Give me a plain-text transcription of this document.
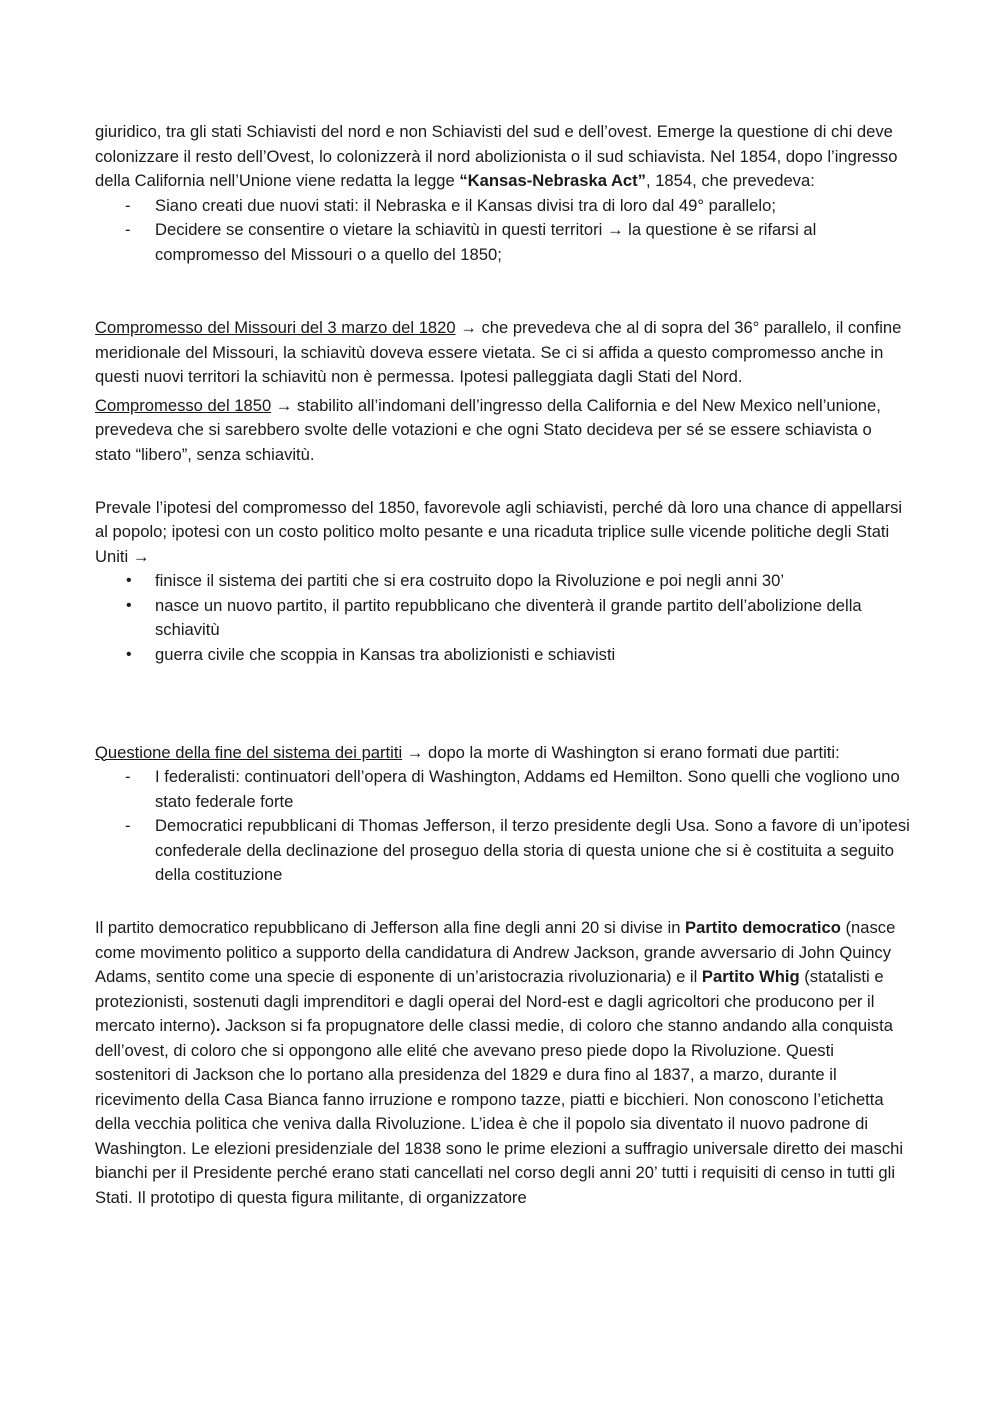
giuridico, tra gli stati Schiavisti del nord e non Schiavisti del sud e dell’ovest. Emerge la questione di chi deve colonizzare il resto dell’Ovest, lo colonizzerà il nord abolizionista o il sud schiavista. Nel 1854, dopo l’ingresso della California nell’Unione viene redatta la legge “Kansas-Nebraska Act”, 1854, che prevedeva:

- Siano creati due nuovi stati: il Nebraska e il Kansas divisi tra di loro dal 49° parallelo;
- Decidere se consentire o vietare la schiavitù in questi territori → la questione è se rifarsi al compromesso del Missouri o a quello del 1850;

Compromesso del Missouri del 3 marzo del 1820 → che prevedeva che al di sopra del 36° parallelo, il confine meridionale del Missouri, la schiavitù doveva essere vietata. Se ci si affida a questo compromesso anche in questi nuovi territori la schiavitù non è permessa. Ipotesi palleggiata dagli Stati del Nord.

Compromesso del 1850 → stabilito all’indomani dell’ingresso della California e del New Mexico nell’unione, prevedeva che si sarebbero svolte delle votazioni e che ogni Stato decideva per sé se essere schiavista o stato “libero”, senza schiavitù.

Prevale l’ipotesi del compromesso del 1850, favorevole agli schiavisti, perché dà loro una chance di appellarsi al popolo; ipotesi con un costo politico molto pesante e una ricaduta triplice sulle vicende politiche degli Stati Uniti →

• finisce il sistema dei partiti che si era costruito dopo la Rivoluzione e poi negli anni 30’
• nasce un nuovo partito, il partito repubblicano che diventerà il grande partito dell’abolizione della schiavitù
• guerra civile che scoppia in Kansas tra abolizionisti e schiavisti

Questione della fine del sistema dei partiti → dopo la morte di Washington si erano formati due partiti:

- I federalisti: continuatori dell’opera di Washington, Addams ed Hemilton. Sono quelli che vogliono uno stato federale forte
- Democratici repubblicani di Thomas Jefferson, il terzo presidente degli Usa. Sono a favore di un’ipotesi confederale della declinazione del proseguo della storia di questa unione che si è costituita a seguito della costituzione

Il partito democratico repubblicano di Jefferson alla fine degli anni 20 si divise in Partito democratico (nasce come movimento politico a supporto della candidatura di Andrew Jackson, grande avversario di John Quincy Adams, sentito come una specie di esponente di un’aristocrazia rivoluzionaria) e il Partito Whig (statalisti e protezionisti, sostenuti dagli imprenditori e dagli operai del Nord-est e dagli agricoltori che producono per il mercato interno). Jackson si fa propugnatore delle classi medie, di coloro che stanno andando alla conquista dell’ovest, di coloro che si oppongono alle elité che avevano preso piede dopo la Rivoluzione. Questi sostenitori di Jackson che lo portano alla presidenza del 1829 e dura fino al 1837, a marzo, durante il ricevimento della Casa Bianca fanno irruzione e rompono tazze, piatti e bicchieri. Non conoscono l’etichetta della vecchia politica che veniva dalla Rivoluzione. L’idea è che il popolo sia diventato il nuovo padrone di Washington. Le elezioni presidenziale del 1838 sono le prime elezioni a suffragio universale diretto dei maschi bianchi per il Presidente perché erano stati cancellati nel corso degli anni 20’ tutti i requisiti di censo in tutti gli Stati. Il prototipo di questa figura militante, di organizzatore
